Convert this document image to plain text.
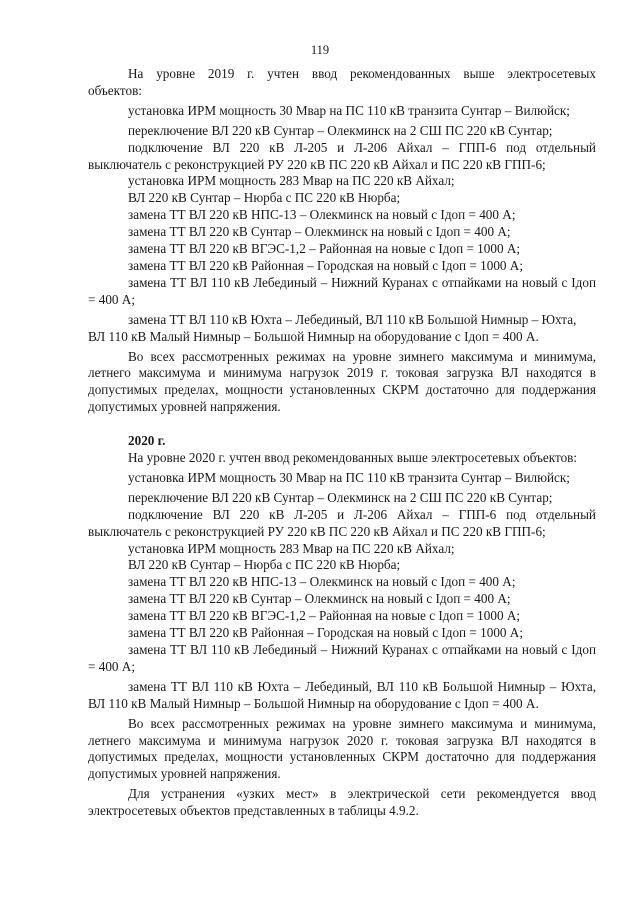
119

На уровне 2019 г. учтен ввод рекомендованных выше электросетевых

объектов:

установка ИРМ мощность 30 Мвар на ПС 110 кВ транзита Сунтар – Вилюйск;

переключение ВЛ 220 кВ Сунтар – Олекминск на 2 СШ ПС 220 кВ Сунтар;

подключение ВЛ 220 кВ Л-205 и Л-206 Айхал – ГПП-6 под отдельный выключатель с реконструкцией РУ 220 кВ ПС 220 кВ Айхал и ПС 220 кВ ГПП-6;

установка ИРМ мощность 283 Мвар на ПС 220 кВ Айхал;

ВЛ 220 кВ Сунтар – Нюрба с ПС 220 кВ Нюрба;

замена ТТ ВЛ 220 кВ НПС-13 – Олекминск на новый с Iдоп = 400 А;

замена ТТ ВЛ 220 кВ Сунтар – Олекминск на новый с Iдоп = 400 А;

замена ТТ ВЛ 220 кВ ВГЭС-1,2 – Районная на новые с Iдоп = 1000 А;

замена ТТ ВЛ 220 кВ Районная – Городская на новый с Iдоп = 1000 А;

замена ТТ ВЛ 110 кВ Лебединый – Нижний Куранах с отпайками на новый с Iдоп = 400 А;

замена ТТ ВЛ 110 кВ Юхта – Лебединый, ВЛ 110 кВ Большой Нимныр – Юхта,

ВЛ 110 кВ Малый Нимныр – Большой Нимныр на оборудование с Iдоп = 400 А.

Во всех рассмотренных режимах на уровне зимнего максимума и минимума, летнего максимума и минимума нагрузок 2019 г. токовая загрузка ВЛ находятся в допустимых пределах, мощности установленных СКРМ достаточно для поддержания допустимых уровней напряжения.

2020 г.

На уровне 2020 г. учтен ввод рекомендованных выше электросетевых объектов:

установка ИРМ мощность 30 Мвар на ПС 110 кВ транзита Сунтар – Вилюйск;

переключение ВЛ 220 кВ Сунтар – Олекминск на 2 СШ ПС 220 кВ Сунтар;

подключение ВЛ 220 кВ Л-205 и Л-206 Айхал – ГПП-6 под отдельный выключатель с реконструкцией РУ 220 кВ ПС 220 кВ Айхал и ПС 220 кВ ГПП-6;

установка ИРМ мощность 283 Мвар на ПС 220 кВ Айхал;

ВЛ 220 кВ Сунтар – Нюрба с ПС 220 кВ Нюрба;

замена ТТ ВЛ 220 кВ НПС-13 – Олекминск на новый с Iдоп = 400 А;

замена ТТ ВЛ 220 кВ Сунтар – Олекминск на новый с Iдоп = 400 А;

замена ТТ ВЛ 220 кВ ВГЭС-1,2 – Районная на новые с Iдоп = 1000 А;

замена ТТ ВЛ 220 кВ Районная – Городская на новый с Iдоп = 1000 А;

замена ТТ ВЛ 110 кВ Лебединый – Нижний Куранах с отпайками на новый с Iдоп = 400 А;

замена ТТ ВЛ 110 кВ Юхта – Лебединый, ВЛ 110 кВ Большой Нимныр – Юхта, ВЛ 110 кВ Малый Нимныр – Большой Нимныр на оборудование с Iдоп = 400 А.

Во всех рассмотренных режимах на уровне зимнего максимума и минимума, летнего максимума и минимума нагрузок 2020 г. токовая загрузка ВЛ находятся в допустимых пределах, мощности установленных СКРМ достаточно для поддержания допустимых уровней напряжения.

Для устранения «узких мест» в электрической сети рекомендуется ввод электросетевых объектов представленных в таблицы 4.9.2.
